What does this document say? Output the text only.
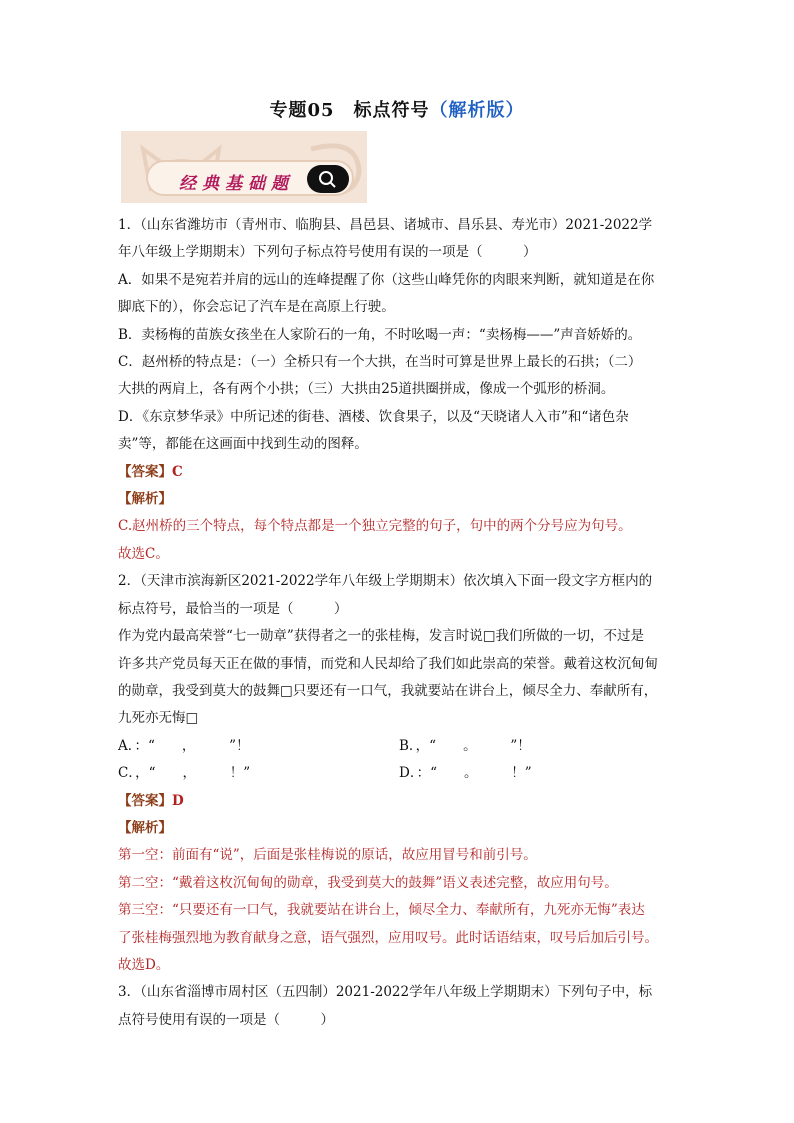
专题05　标点符号（解析版）
经典基础题

1．（山东省潍坊市（青州市、临朐县、昌邑县、诸城市、昌乐县、寿光市）2021-2022学

年八年级上学期期末）下列句子标点符号使用有误的一项是（　　　）

A．如果不是宛若并肩的远山的连峰提醒了你（这些山峰凭你的肉眼来判断，就知道是在你

脚底下的），你会忘记了汽车是在高原上行驶。

B．卖杨梅的苗族女孩坐在人家阶石的一角，不时吆喝一声：“卖杨梅——”声音娇娇的。

C．赵州桥的特点是：（一）全桥只有一个大拱，在当时可算是世界上最长的石拱；（二）

大拱的两肩上，各有两个小拱；（三）大拱由25道拱圈拼成，像成一个弧形的桥洞。

D．《东京梦华录》中所记述的街巷、酒楼、饮食果子，以及“天晓诸人入市”和“诸色杂

卖”等，都能在这画面中找到生动的图释。

【答案】C

【解析】

C.赵州桥的三个特点，每个特点都是一个独立完整的句子，句中的两个分号应为句号。

故选C。

2．（天津市滨海新区2021-2022学年八年级上学期期末）依次填入下面一段文字方框内的

标点符号，最恰当的一项是（　　　）

作为党内最高荣誉“七一勋章”获得者之一的张桂梅，发言时说□我们所做的一切，不过是

许多共产党员每天正在做的事情，而党和人民却给了我们如此崇高的荣誉。戴着这枚沉甸甸

的勋章，我受到莫大的鼓舞□只要还有一口气，我就要站在讲台上，倾尽全力、奉献所有，

九死亦无悔□

A．：“　　，　　　”！	B．，“　　。　　　”！

C．，“　　，　　　！”	D．：“　　。　　　！”

【答案】D

【解析】

第一空：前面有“说”，后面是张桂梅说的原话，故应用冒号和前引号。

第二空：“戴着这枚沉甸甸的勋章，我受到莫大的鼓舞”语义表述完整，故应用句号。

第三空：“只要还有一口气，我就要站在讲台上，倾尽全力、奉献所有，九死亦无悔”表达

了张桂梅强烈地为教育献身之意，语气强烈，应用叹号。此时话语结束，叹号后加后引号。

故选D。

3．（山东省淄博市周村区（五四制）2021-2022学年八年级上学期期末）下列句子中，标

点符号使用有误的一项是（　　　）
